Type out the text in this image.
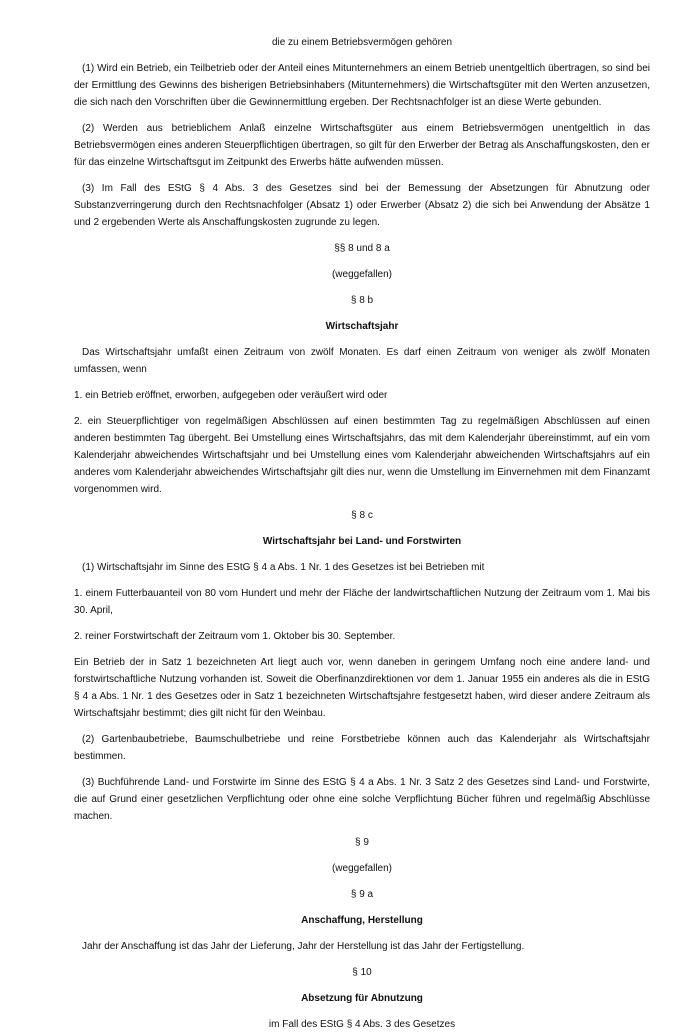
die zu einem Betriebsvermögen gehören

(1) Wird ein Betrieb, ein Teilbetrieb oder der Anteil eines Mitunternehmers an einem Betrieb unentgeltlich übertragen, so sind bei der Ermittlung des Gewinns des bisherigen Betriebsinhabers (Mitunternehmers) die Wirtschaftsgüter mit den Werten anzusetzen, die sich nach den Vorschriften über die Gewinnermittlung ergeben. Der Rechtsnachfolger ist an diese Werte gebunden.

(2) Werden aus betrieblichem Anlaß einzelne Wirtschaftsgüter aus einem Betriebsvermögen unentgeltlich in das Betriebsvermögen eines anderen Steuerpflichtigen übertragen, so gilt für den Erwerber der Betrag als Anschaffungskosten, den er für das einzelne Wirtschaftsgut im Zeitpunkt des Erwerbs hätte aufwenden müssen.

(3) Im Fall des EStG § 4 Abs. 3 des Gesetzes sind bei der Bemessung der Absetzungen für Abnutzung oder Substanzverringerung durch den Rechtsnachfolger (Absatz 1) oder Erwerber (Absatz 2) die sich bei Anwendung der Absätze 1 und 2 ergebenden Werte als Anschaffungskosten zugrunde zu legen.

§§ 8 und 8 a

(weggefallen)

§ 8 b

Wirtschaftsjahr

Das Wirtschaftsjahr umfaßt einen Zeitraum von zwölf Monaten. Es darf einen Zeitraum von weniger als zwölf Monaten umfassen, wenn

1. ein Betrieb eröffnet, erworben, aufgegeben oder veräußert wird oder

2. ein Steuerpflichtiger von regelmäßigen Abschlüssen auf einen bestimmten Tag zu regelmäßigen Abschlüssen auf einen anderen bestimmten Tag übergeht. Bei Umstellung eines Wirtschaftsjahrs, das mit dem Kalenderjahr übereinstimmt, auf ein vom Kalenderjahr abweichendes Wirtschaftsjahr und bei Umstellung eines vom Kalenderjahr abweichenden Wirtschaftsjahrs auf ein anderes vom Kalenderjahr abweichendes Wirtschaftsjahr gilt dies nur, wenn die Umstellung im Einvernehmen mit dem Finanzamt vorgenommen wird.

§ 8 c

Wirtschaftsjahr bei Land- und Forstwirten

(1) Wirtschaftsjahr im Sinne des EStG § 4 a Abs. 1 Nr. 1 des Gesetzes ist bei Betrieben mit

1. einem Futterbauanteil von 80 vom Hundert und mehr der Fläche der landwirtschaftlichen Nutzung der Zeitraum vom 1. Mai bis 30. April,

2. reiner Forstwirtschaft der Zeitraum vom 1. Oktober bis 30. September.

Ein Betrieb der in Satz 1 bezeichneten Art liegt auch vor, wenn daneben in geringem Umfang noch eine andere land- und forstwirtschaftliche Nutzung vorhanden ist. Soweit die Oberfinanzdirektionen vor dem 1. Januar 1955 ein anderes als die in EStG § 4 a Abs. 1 Nr. 1 des Gesetzes oder in Satz 1 bezeichneten Wirtschaftsjahre festgesetzt haben, wird dieser andere Zeitraum als Wirtschaftsjahr bestimmt; dies gilt nicht für den Weinbau.

(2) Gartenbaubetriebe, Baumschulbetriebe und reine Forstbetriebe können auch das Kalenderjahr als Wirtschaftsjahr bestimmen.

(3) Buchführende Land- und Forstwirte im Sinne des EStG § 4 a Abs. 1 Nr. 3 Satz 2 des Gesetzes sind Land- und Forstwirte, die auf Grund einer gesetzlichen Verpflichtung oder ohne eine solche Verpflichtung Bücher führen und regelmäßig Abschlüsse machen.

§ 9

(weggefallen)

§ 9 a

Anschaffung, Herstellung

Jahr der Anschaffung ist das Jahr der Lieferung, Jahr der Herstellung ist das Jahr der Fertigstellung.

§ 10

Absetzung für Abnutzung

im Fall des EStG § 4 Abs. 3 des Gesetzes
